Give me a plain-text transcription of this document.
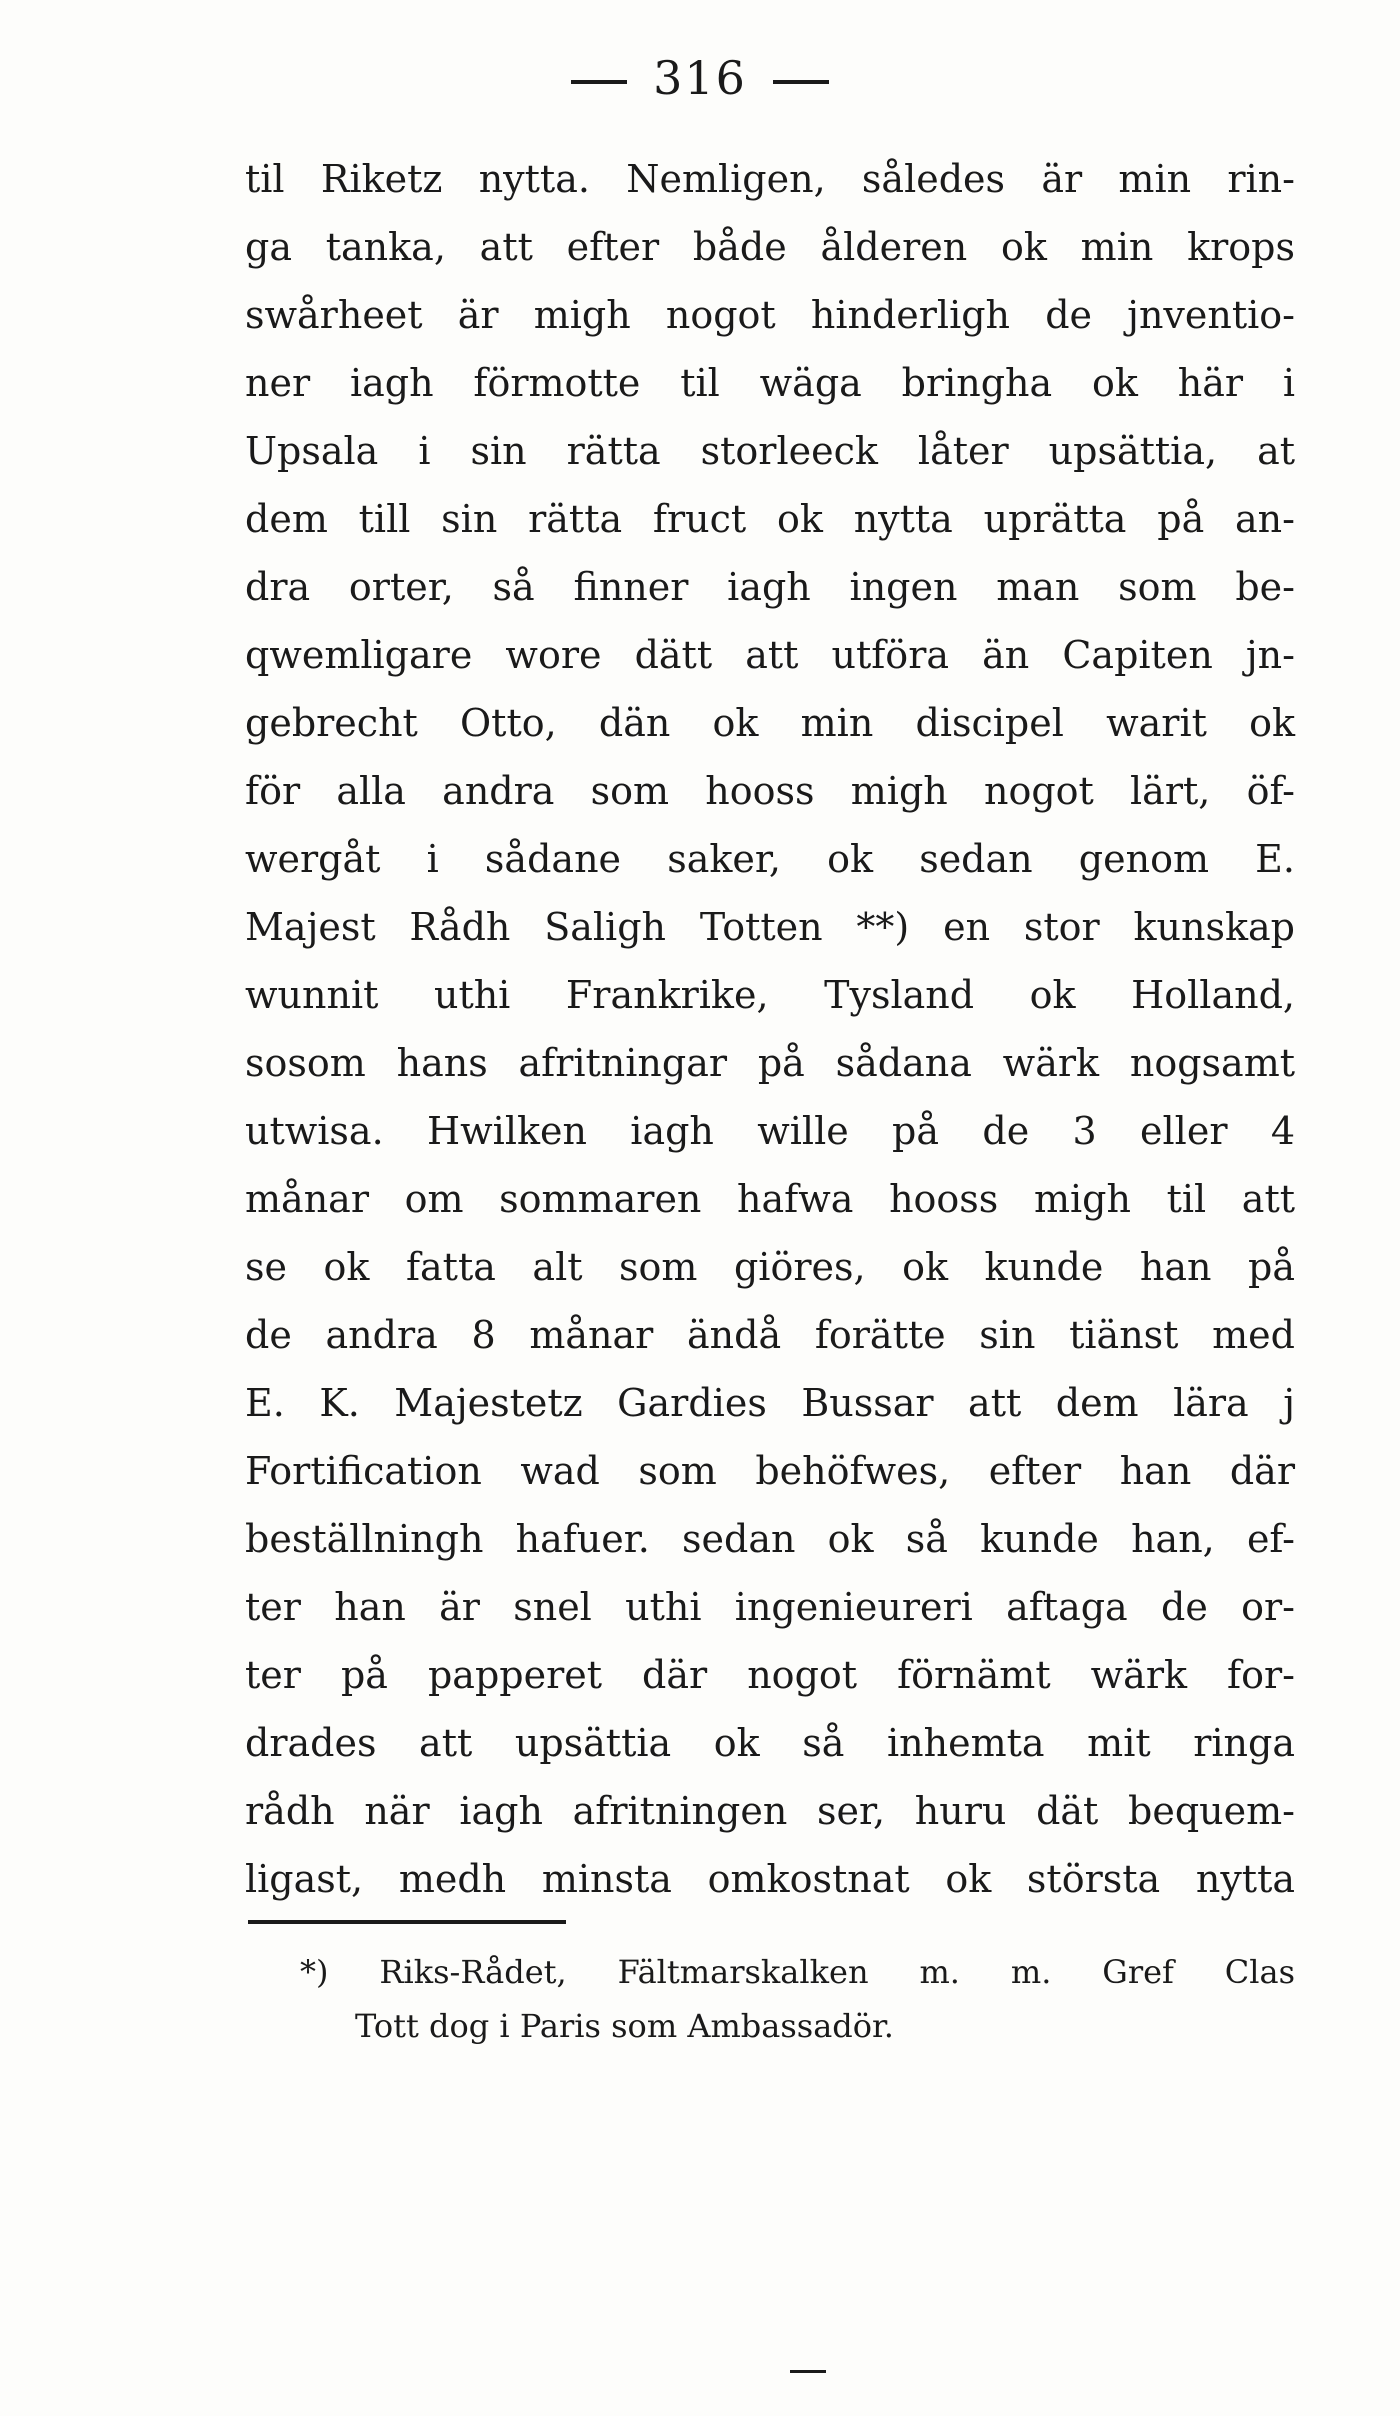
316
til Riketz nytta. Nemligen, således är min rin-
ga tanka, att efter både ålderen ok min krops
swårheet är migh nogot hinderligh de jnventio-
ner iagh förmotte til wäga bringha ok här i
Upsala i sin rätta storleeck låter upsättia, at
dem till sin rätta fruct ok nytta uprätta på an-
dra orter, så finner iagh ingen man som be-
qwemligare wore dätt att utföra än Capiten jn-
gebrecht Otto, dän ok min discipel warit ok
för alla andra som hooss migh nogot lärt, öf-
wergåt i sådane saker, ok sedan genom E.
Majest Rådh Saligh Totten **) en stor kunskap
wunnit uthi Frankrike, Tysland ok Holland,
sosom hans afritningar på sådana wärk nogsamt
utwisa. Hwilken iagh wille på de 3 eller 4
månar om sommaren hafwa hooss migh til att
se ok fatta alt som giöres, ok kunde han på
de andra 8 månar ändå forätte sin tiänst med
E. K. Majestetz Gardies Bussar att dem lära j
Fortification wad som behöfwes, efter han där
beställningh hafuer. sedan ok så kunde han, ef-
ter han är snel uthi ingenieureri aftaga de or-
ter på papperet där nogot förnämt wärk for-
drades att upsättia ok så inhemta mit ringa
rådh när iagh afritningen ser, huru dät bequem-
ligast, medh minsta omkostnat ok största nytta
*) Riks-Rådet, Fältmarskalken m. m. Gref Clas
Tott dog i Paris som Ambassadör.
